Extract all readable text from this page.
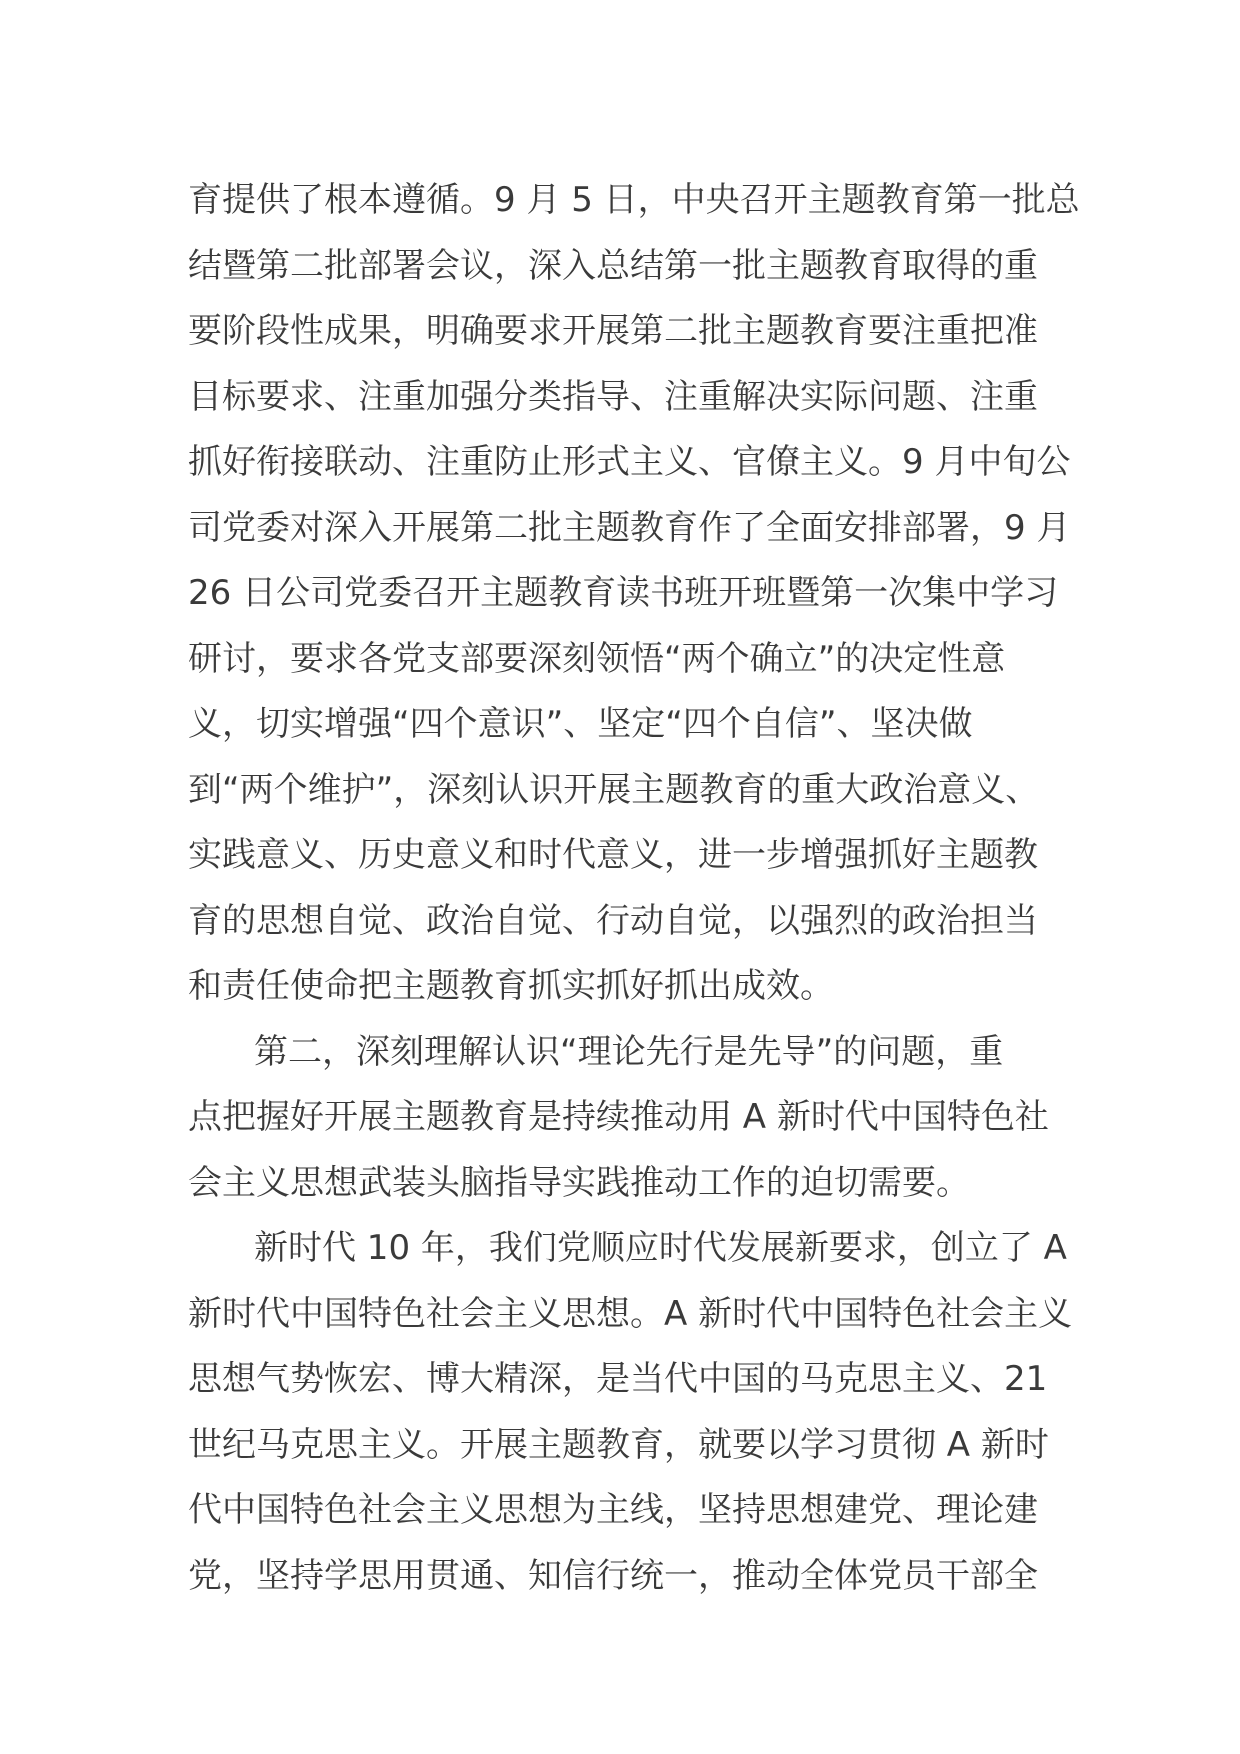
育提供了根本遵循。9 月 5 日，中央召开主题教育第一批总
结暨第二批部署会议，深入总结第一批主题教育取得的重
要阶段性成果，明确要求开展第二批主题教育要注重把准
目标要求、注重加强分类指导、注重解决实际问题、注重
抓好衔接联动、注重防止形式主义、官僚主义。9 月中旬公
司党委对深入开展第二批主题教育作了全面安排部署，9 月
26 日公司党委召开主题教育读书班开班暨第一次集中学习
研讨，要求各党支部要深刻领悟“两个确立”的决定性意
义，切实增强“四个意识”、坚定“四个自信”、坚决做
到“两个维护”，深刻认识开展主题教育的重大政治意义、
实践意义、历史意义和时代意义，进一步增强抓好主题教
育的思想自觉、政治自觉、行动自觉，以强烈的政治担当
和责任使命把主题教育抓实抓好抓出成效。
第二，深刻理解认识“理论先行是先导”的问题，重
点把握好开展主题教育是持续推动用 A 新时代中国特色社
会主义思想武装头脑指导实践推动工作的迫切需要。
新时代 10 年，我们党顺应时代发展新要求，创立了 A
新时代中国特色社会主义思想。A 新时代中国特色社会主义
思想气势恢宏、博大精深，是当代中国的马克思主义、21
世纪马克思主义。开展主题教育，就要以学习贯彻 A 新时
代中国特色社会主义思想为主线，坚持思想建党、理论建
党，坚持学思用贯通、知信行统一，推动全体党员干部全
